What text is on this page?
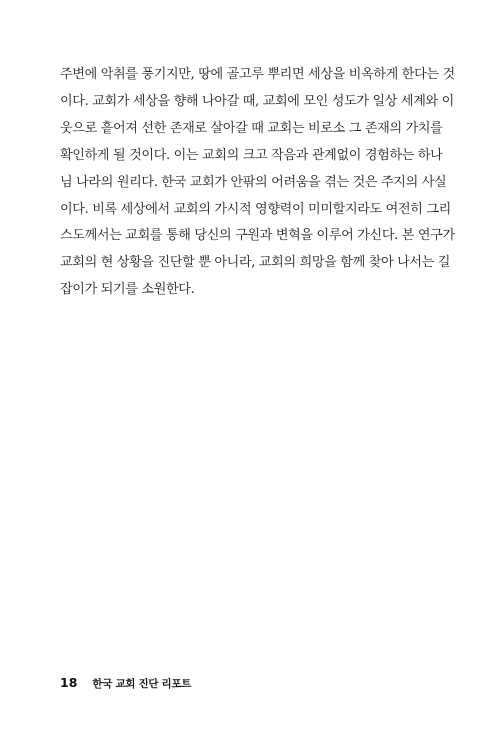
주변에 악취를 풍기지만, 땅에 골고루 뿌리면 세상을 비옥하게 한다는 것
이다. 교회가 세상을 향해 나아갈 때, 교회에 모인 성도가 일상 세계와 이
웃으로 흩어져 선한 존재로 살아갈 때 교회는 비로소 그 존재의 가치를
확인하게 될 것이다. 이는 교회의 크고 작음과 관계없이 경험하는 하나
님 나라의 원리다. 한국 교회가 안팎의 어려움을 겪는 것은 주지의 사실
이다. 비록 세상에서 교회의 가시적 영향력이 미미할지라도 여전히 그리
스도께서는 교회를 통해 당신의 구원과 변혁을 이루어 가신다. 본 연구가
교회의 현 상황을 진단할 뿐 아니라, 교회의 희망을 함께 찾아 나서는 길
잡이가 되기를 소원한다.
18 한국 교회 진단 리포트
